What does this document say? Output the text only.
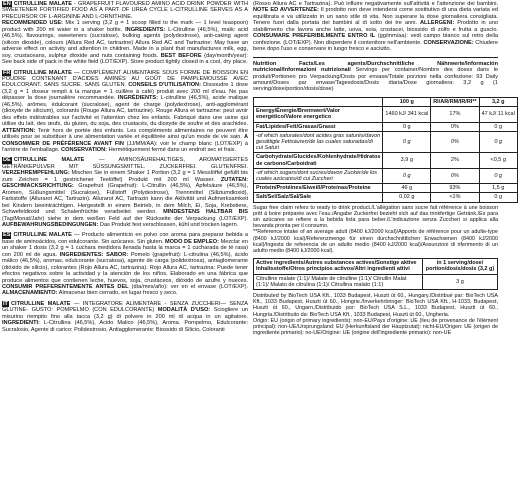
EN CITRULLINE MALATE - GRAPEFRUIT FLAVOURED AMINO ACID DRINK POWDER WITH SWEETENER FORTIFIED FOOD AS A PART OF UREA CYCLE L-CITRULLINE SERVES AS A PRECURSOR OF L-ARGININE AND L-ORNITHINE.

RECOMMENDED USE: Mix 1 serving (3,2 g = 1 scoop filled to the mark — 1 level teaspoon) product with 200 ml water in a shaker bottle. INGREDIENTS: L-Citrulline (46,5%), malic acid (46,5%), flavourings, sweeteners (sucralose), bulking agents (polydextrose), anti-caking agent (silicon dioxide), colours (Allura Red AC, tartrazine) Allura Red AC and Tartrazine: May have an adverse effect on activity and attention in children. Made in a plant that manufactures milk, egg, soy, crustaceans, sulphur dioxide and nuts containing foods. BEST BEFORE (day/month/year): See back side of pack in the white field (LOT/EXP). Store product tightly closed in a cool, dry place.

FR CITRULLINE MALATE — COMPLÉMENT ALIMENTAIRE SOUS FORME DE BOISSON EN POUDRE CONTENANT D'ACIDES AMINÉS AU GOÛT DE PAMPLEMOUSSE AVEC ÉDULCORANT. SANS SUCRE. SANS GLUTEN. CONSEILS D'UTILISATION: Dissoudre 1 dose (3,2 g = 1 doseur rempli à la marque = 1 cuillère à café) produit avec 200 ml d'eau. Ne pas dépasser la dose journalière recommandée. INGRÉDIENTS: L-citrulline (46,5%), acide malique (46,5%), arômes, édulcorant (sucralose), agent de charge (polydextrose), anti-agglomérant (dioxyde de silicium), colorants (Rouge Allura AC, tartrazine). Rouge Allura et tartrazine: peut avoir des effets indésirables sur l'activité et l'attention chez les enfants. Fabriqué dans une usine qui utilise du lait, des œufs, du gluten, du soja, des crustacés, du dioxyde de soufre et des arachides. ATTENTION: Tenir hors de portée des enfants. Les compléments alimentaires ne peuvent être utilisés pour se substituer à une alimentation variée et équilibrée ainsi qu'un mode de vie sain. A CONSOMMER DE PRÉFÉRENCE AVANT FIN (JJ/MM/AA): voir le champ blanc (LOT/EXP) à l'arrière de l'emballage. CONSERVATION: Hermétiquement fermé dans un endroit sec et frais.

DE CITRULLINE MALATE	— AMINOSÄUREHALTIGES, AROMATISIERTES GETRÄNKEPULVER MIT SÜSSUNGSMITTEL. ZUCKERFREI. GLUTENFREI. VERZEHREMPFEHLUNG: Mischen Sie in einem Shaker 1 Portion (3,2 g = 1 Messlöffel gefüllt bis zum Zeichen = 1 gestrichener Teelöffel) Produkt mit 200 ml Wasser. ZUTATEN: GESCHMACKSRICHTUNG: Grapefruit (Grapefruit): L-Citrullin (46,5%), Apfelsäure (46,5%), Aromen, Süßungsmittel (Sucralose), Füllstoff (Polydextrose), Trennmittel (Siliziumdioxid), Farbstoffe (Allurarot AC, Tartrazin). Allurarot AC, Tartrazin kann die Aktivität und Aufmerksamkeit bei Kindern beeinträchtigen. Hergestellt in einem Betrieb, in dem Milch, Ei, Soja, Krebstiere, Schwefeldioxid und Schalenfrüchte verarbeitet werden. MINDESTENS HALTBAR BIS (Tag/Monat/Jahr) siehe in dem weißen Feld auf der Rückseite der Verpackung (LOT/EXP). AUFBEWAHRUNGSBEDINGUNGEN: Das Produkt fest verschlossen, kühl und trocken lagern.

ES CITRULLINE MALATE — Producto alimenticio en polvo con aroma para preparar bebida a base de aminoácidos, con edulcorante. Sin azúcares. Sin gluten. MODO DE EMPLEO: Mezclar en un shaker 1 dosis (3,2 g = 1 cuchara medidora llenada hasta la marca = 1 cucharada de té rasa) con 200 ml de agua. INGREDIENTES: SABOR: Pomelo (grapefruit): L-citrulina (46,5%), ácido málico (46,5%), aromas, edulcorante (sucralosa), agente de carga (polidextrosa), antiaglomerante (dióxido de silicio), colorantes (Rojo Allura AC, tartrazina). Rojo Allura AC, tartrazina: Puede tener efectos negativos sobre la actividad y la atención de los niños. Elaborado en una fábrica que produce alimentos que contienen leche, huevos, soja, crustáceos, dióxido de azufre y nueces. CONSUMIR PREFERENTEMENTE ANTES DEL (día/mes/año): ver en el envase (LOT/EXP). ALMACENAMIENTO: Almacenar bien cerrado, en lugar fresco y seco.

IT CITRULLINE MALATE — INTEGRATORE ALIMENTARE - SENZA ZUCCHERI— SENZA GLUTINE- GUSTO: POMPELMO (CON EDULCORANTE) MODALITÀ D'USO: Sciogliere un misurino riempito fino alla tacca (3,2 g) di polvere in 200 ml di acqua in un agitatore. INGREDIENTI: L-Citrullina (46,5%), Acido Malico (46,5%), Aroma. Pompelmo, Edulcorante: Sucralosio, Agente di carico: Polidestrosio, Antiagglomerante: Biossido di Silicio, Coloranti

(Rosso Allura AC e Tartrazina). Può influire negativamente sull'attività e l'attenzione dei bambini. NOTE ED AVVERTENZE: Il prodotto non deve intendersi come sostitutivo di una dieta variata ed equilibrata e va utilizzato in un sano stile di vita. Non superare la dose giornaliera consigliata. Tenere fuori dalla portata dei bambini al di sotto dei tre anni. ALLERGENI: Prodotto in uno stabilimento che lavora anche latte, uova, soia, crostacei, biossido di zolfo e frutta a guscio. CONSUMARE PREFERIBILMENTE ENTRO IL (gg/mm/aa): vedi campo bianco sul retro della confezione. (LOT/EXP). Non disperdere il contenitore nell'ambiente. CONSERVAZIONE: Chiudere bene dopo l'uso e conservare in luogo fresco e asciutto.

Nutrition Facts/Les agents/Durchschnittliche Nährwerte/Información nutricional/Informazioni nutrizionali Servings per container/Nombre des doses dans le produit/Portionen pro Verpackung/Dosis por envase/Totale porzioni nella confezione: 93 Daily amount/Doses par envase/Tagesdosis/Dosis diaria/Dose giornaliera: 3,2 g (1 serving/dose/portion/dosis/dose)

	100 g	RI/AR/RM/IR/RI**	3,2 g
Energy/Énergie/Brennwert/Valor energético/Valore energetico	1460 kJ/ 341 kcal	17%	47 kJ/ 11 kcal
Fat/Lipides/Fett/Grasas/Grassi	0 g	0%	0 g
-of which saturates/dont acides gras saturés/davon gesättigte Fettsäuren/de las cuales saturadas/di cui Saturi	0 g	0%	0 g
Carbohydrate/Glucides/Kohlenhydrate/Hidratos de carbono/Carboidrati	3,9 g	2%	<0,5 g
-of which sugars/dont sucres/davon Zucker/de los cuales azúcares/di cui Zuccheri	0 g	0%	0 g
Protein/Protéines/Eiweiß/Proteínas/Proteine	46 g	93%	1,5 g
Salt/Sel/Salz/Sal/Sale	0,02 g	<1%	0 g

Sugar free claim refers to ready to drink product./L'allégation sans sucre fait référence à une boisson prêt à boire préparée avec l'eau./Angabe Zuckerfrei bezieht sich auf das trinkfertige Getränk./Es para sin azúcares se refiere a la bebida lista para beber./L'indicazione senza Zuccheri si applica alla bevanda pronta per il consumo.

**Reference intake of an average adult (8400 kJ/2000 kcal)/Apports de référence pour un adulte-type (8400 kJ/2000 kcal)/Referenzmenge für einen durchschnittlichen Erwachsenen (8400 kJ/2000 kcal)/Ingesta de referencia de un adulto medio (8400 kJ/2000 kcal)/Assunzioni di riferimento di un adulto medio (8400 kJ/2000 kcal).

Active ingredients/Autres substances actives/Sonstige aktive Inhaltsstoffe/Otros principios activos/Altri ingredienti attivi	in 1 serving/dose/ portion/dosis/dosis (3,2 g)
Citrulline malate (1:1)/ Malate de citrulline (1:1)/ Citrullin Malat (1:1)/ Malato de citrulina (1:1)/ Citrullina malato (1:1)	3 g

Distributed by BioTech USA Kft., 1033 Budapest, Huszti út 60., Hungary./Distribué par: BioTech USA Kft., 1033 Budapest, Huszti út 60., Hongrie./Inverkehrbringer: BioTech USA Kft., H-1033, Budapest, Huszti út 60., Ungarn./Distribuido por: BioTech USA S.L., 1033 Budapest, Huszti út 60., Hungría./Distribuito da: BioTech USA Kft., 1033 Budapest, Huszti út 60., Ungheria.

Origin: EU (origin of primary ingredients): non-EU/Pays d'origine: UE (lieu de provenance de l'élément principal): non-UE/Ursprungsland: EU (Herkunftsland der Hauptzutat): nicht-EU/Origen: UE (origen de ingrediente primario): no-UE/Origine: UE (origine dell'ingrediente primario): non-UE
